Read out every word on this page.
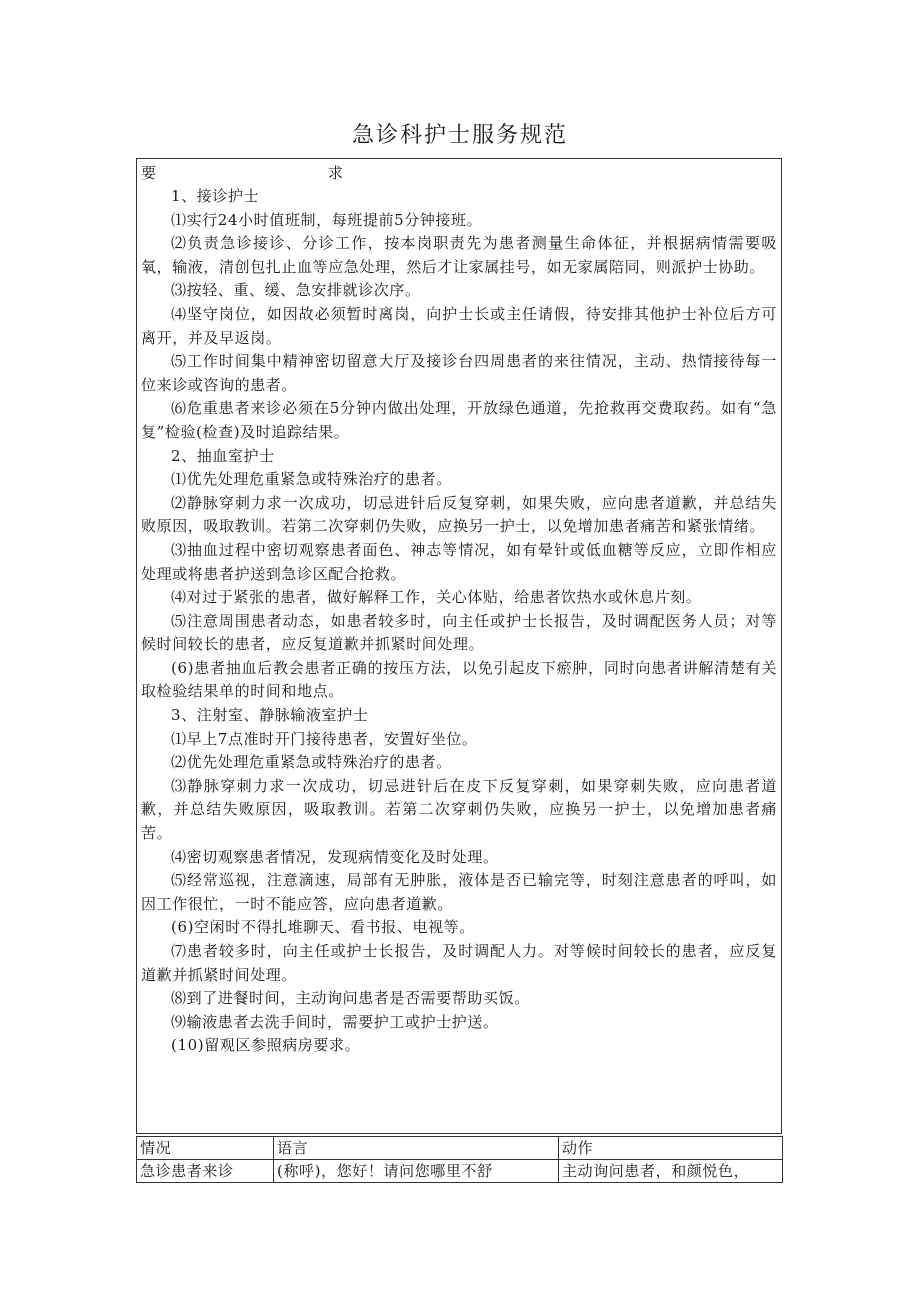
急诊科护士服务规范
要	求

1、接诊护士

⑴实行24小时值班制，每班提前5分钟接班。

⑵负责急诊接诊、分诊工作，按本岗职责先为患者测量生命体征，并根据病情需要吸氧，输液，清创包扎止血等应急处理，然后才让家属挂号，如无家属陪同，则派护士协助。

⑶按轻、重、缓、急安排就诊次序。

⑷坚守岗位，如因故必须暂时离岗，向护士长或主任请假，待安排其他护士补位后方可离开，并及早返岗。

⑸工作时间集中精神密切留意大厅及接诊台四周患者的来往情况，主动、热情接待每一位来诊或咨询的患者。

⑹危重患者来诊必须在5分钟内做出处理，开放绿色通道，先抢救再交费取药。如有“急复”检验(检查)及时追踪结果。

2、抽血室护士

⑴优先处理危重紧急或特殊治疗的患者。

⑵静脉穿刺力求一次成功，切忌进针后反复穿刺，如果失败，应向患者道歉，并总结失败原因，吸取教训。若第二次穿刺仍失败，应换另一护士，以免增加患者痛苦和紧张情绪。

⑶抽血过程中密切观察患者面色、神志等情况，如有晕针或低血糖等反应，立即作相应处理或将患者护送到急诊区配合抢救。

⑷对过于紧张的患者，做好解释工作，关心体贴，给患者饮热水或休息片刻。

⑸注意周围患者动态，如患者较多时，向主任或护士长报告，及时调配医务人员；对等候时间较长的患者，应反复道歉并抓紧时间处理。

(6)患者抽血后教会患者正确的按压方法，以免引起皮下瘀肿，同时向患者讲解清楚有关取检验结果单的时间和地点。

3、注射室、静脉输液室护士

⑴早上7点准时开门接待患者，安置好坐位。

⑵优先处理危重紧急或特殊治疗的患者。

⑶静脉穿刺力求一次成功，切忌进针后在皮下反复穿刺，如果穿刺失败，应向患者道歉，并总结失败原因，吸取教训。若第二次穿刺仍失败，应换另一护士，以免增加患者痛苦。

⑷密切观察患者情况，发现病情变化及时处理。

⑸经常巡视，注意滴速，局部有无肿胀，液体是否已输完等，时刻注意患者的呼叫，如因工作很忙，一时不能应答，应向患者道歉。

(6)空闲时不得扎堆聊天、看书报、电视等。

⑺患者较多时，向主任或护士长报告，及时调配人力。对等候时间较长的患者，应反复道歉并抓紧时间处理。

⑻到了进餐时间，主动询问患者是否需要帮助买饭。

⑼输液患者去洗手间时，需要护工或护士护送。

(10)留观区参照病房要求。

情况	语言	动作
急诊患者来诊	(称呼)，您好！请问您哪里不舒	主动询问患者，和颜悦色，
